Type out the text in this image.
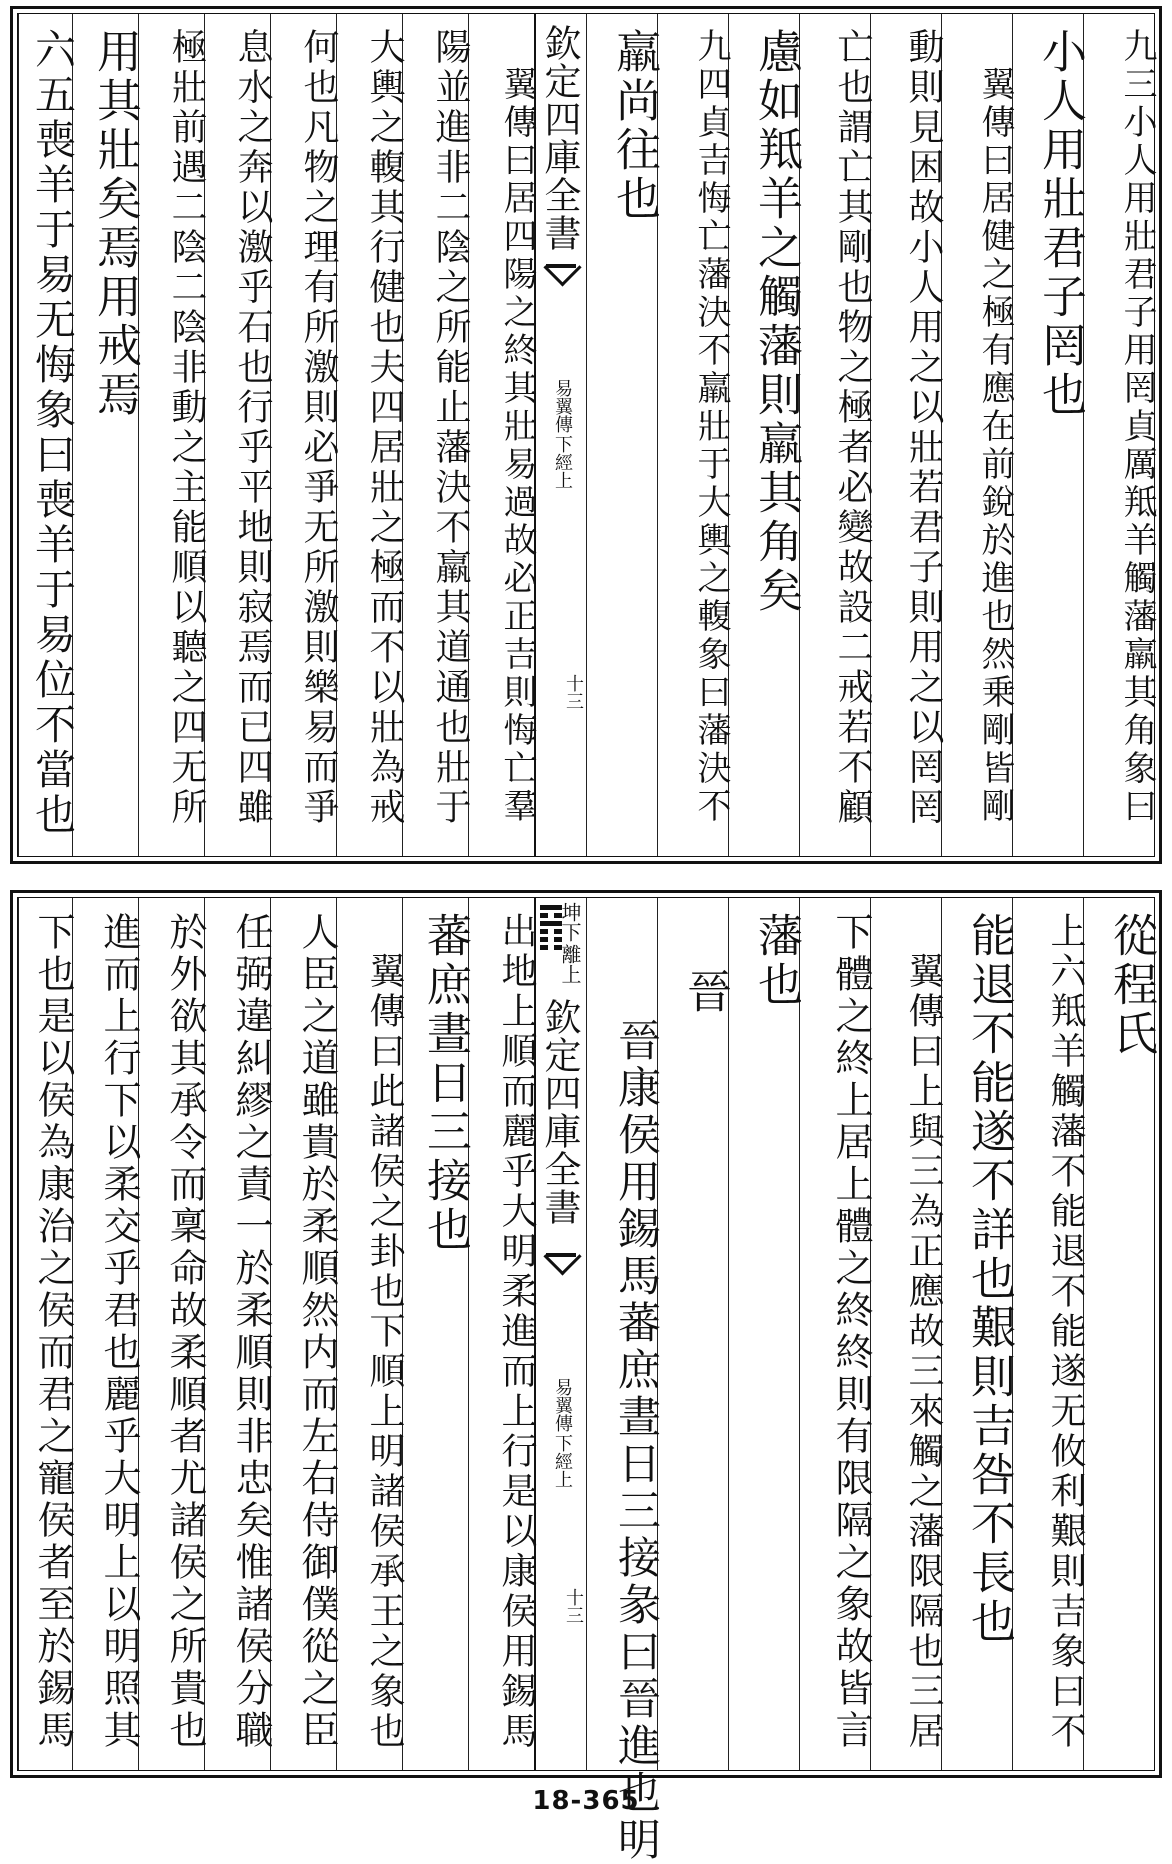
九三小人用壯君子用罔貞厲羝羊觸藩羸其角象曰
小人用壯君子罔也
　翼傳曰居健之極有應在前銳於進也然乗剛皆剛
動則見困故小人用之以壯若君子則用之以罔罔
亡也謂亡其剛也物之極者必變故設二戒若不顧
慮如羝羊之觸藩則羸其角矣
九四貞吉悔亡藩決不羸壯于大輿之輹象曰藩決不
羸尚往也
欽定四庫全書
易翼傳
下經上
十三
　翼傳曰居四陽之終其壯易過故必正吉則悔亡羣
陽並進非二陰之所能止藩決不羸其道通也壯于
大輿之輹其行健也夫四居壯之極而不以壯為戒
何也凡物之理有所激則必爭无所激則樂易而爭
息水之奔以激乎石也行乎平地則寂焉而已四雖
極壯前遇二陰二陰非動之主能順以聽之四无所
用其壯矣焉用戒焉
六五喪羊于易无悔象曰喪羊于易位不當也
從程氏
上六羝羊觸藩不能退不能遂无攸利艱則吉象曰不
能退不能遂不詳也艱則吉咎不長也
　翼傳曰上與三為正應故三來觸之藩限隔也三居
下體之終上居上體之終終則有限隔之象故皆言
藩也
晉
晉康侯用錫馬蕃庶晝日三接彖曰晉進也明
坤下
離上
欽定四庫全書
易翼傳
下經上
十三
出地上順而麗乎大明柔進而上行是以康侯用錫馬
蕃庶晝日三接也
　翼傳曰此諸侯之卦也下順上明諸侯承王之象也
人臣之道雖貴於柔順然内而左右侍御僕從之臣
任弼違糾繆之責一於柔順則非忠矣惟諸侯分職
於外欲其承令而稟命故柔順者尤諸侯之所貴也
進而上行下以柔交乎君也麗乎大明上以明照其
下也是以侯為康治之侯而君之寵侯者至於錫馬
18-365
